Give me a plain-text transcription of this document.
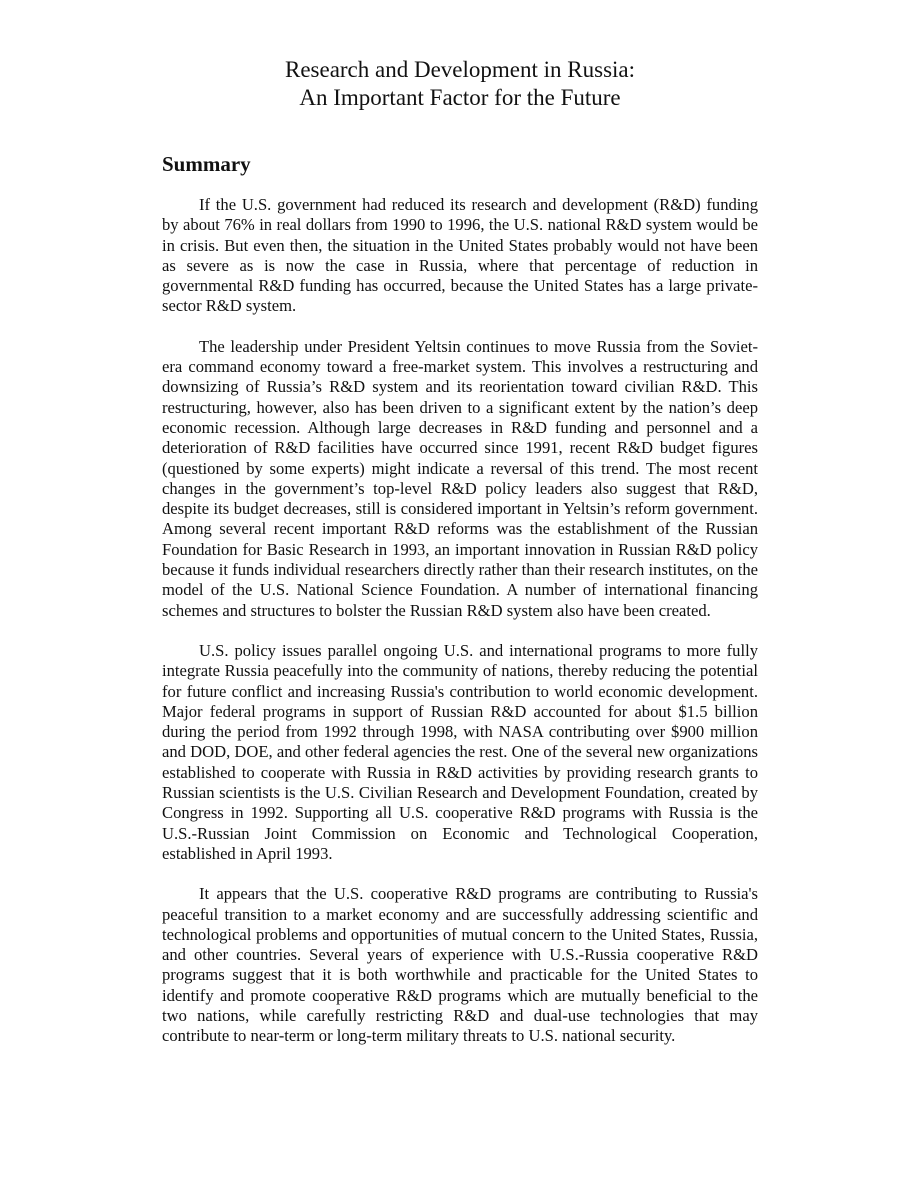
Research and Development in Russia:
An Important Factor for the Future
Summary

If the U.S. government had reduced its research and development (R&D) funding by about 76% in real dollars from 1990 to 1996, the U.S. national R&D system would be in crisis. But even then, the situation in the United States probably would not have been as severe as is now the case in Russia, where that percentage of reduction in governmental R&D funding has occurred, because the United States has a large private-sector R&D system.

The leadership under President Yeltsin continues to move Russia from the Soviet-era command economy toward a free-market system. This involves a restructuring and downsizing of Russia’s R&D system and its reorientation toward civilian R&D. This restructuring, however, also has been driven to a significant extent by the nation’s deep economic recession. Although large decreases in R&D funding and personnel and a deterioration of R&D facilities have occurred since 1991, recent R&D budget figures (questioned by some experts) might indicate a reversal of this trend. The most recent changes in the government’s top-level R&D policy leaders also suggest that R&D, despite its budget decreases, still is considered important in Yeltsin’s reform government. Among several recent important R&D reforms was the establishment of the Russian Foundation for Basic Research in 1993, an important innovation in Russian R&D policy because it funds individual researchers directly rather than their research institutes, on the model of the U.S. National Science Foundation. A number of international financing schemes and structures to bolster the Russian R&D system also have been created.

U.S. policy issues parallel ongoing U.S. and international programs to more fully integrate Russia peacefully into the community of nations, thereby reducing the potential for future conflict and increasing Russia's contribution to world economic development. Major federal programs in support of Russian R&D accounted for about $1.5 billion during the period from 1992 through 1998, with NASA contributing over $900 million and DOD, DOE, and other federal agencies the rest. One of the several new organizations established to cooperate with Russia in R&D activities by providing research grants to Russian scientists is the U.S. Civilian Research and Development Foundation, created by Congress in 1992. Supporting all U.S. cooperative R&D programs with Russia is the U.S.-Russian Joint Commission on Economic and Technological Cooperation, established in April 1993.

It appears that the U.S. cooperative R&D programs are contributing to Russia's peaceful transition to a market economy and are successfully addressing scientific and technological problems and opportunities of mutual concern to the United States, Russia, and other countries. Several years of experience with U.S.-Russia cooperative R&D programs suggest that it is both worthwhile and practicable for the United States to identify and promote cooperative R&D programs which are mutually beneficial to the two nations, while carefully restricting R&D and dual-use technologies that may contribute to near-term or long-term military threats to U.S. national security.
